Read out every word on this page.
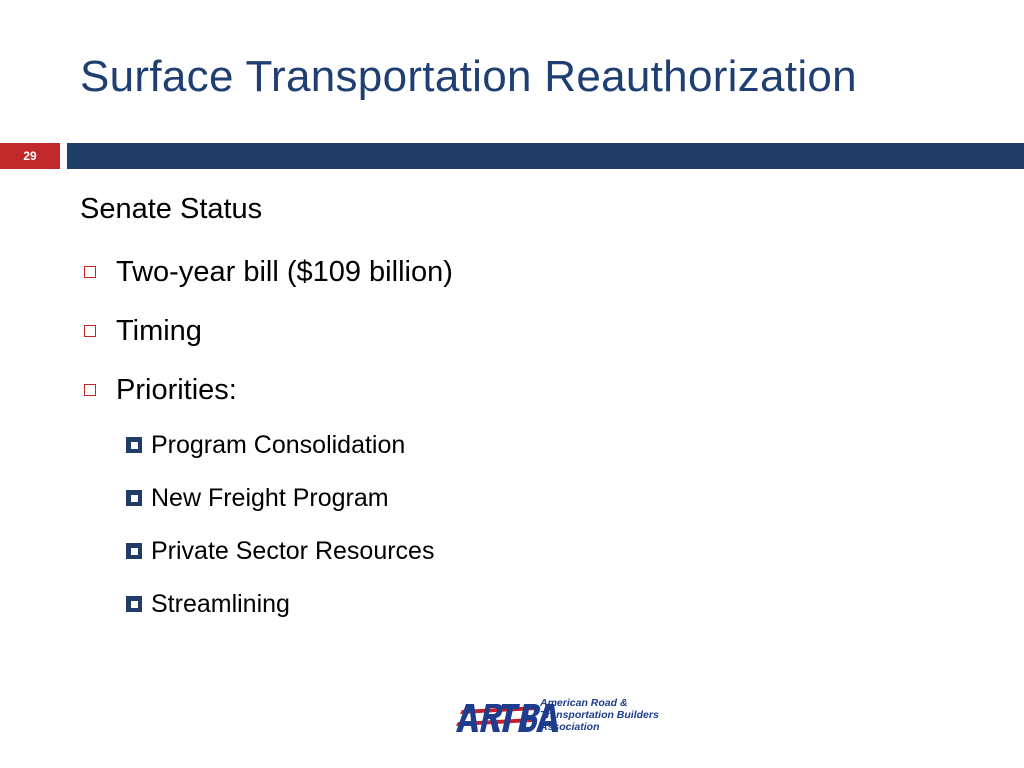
Surface Transportation Reauthorization
29
Senate Status
Two-year bill ($109 billion)
Timing
Priorities:
Program Consolidation
New Freight Program
Private Sector Resources
Streamlining
American Road &
Transportation Builders
Association
